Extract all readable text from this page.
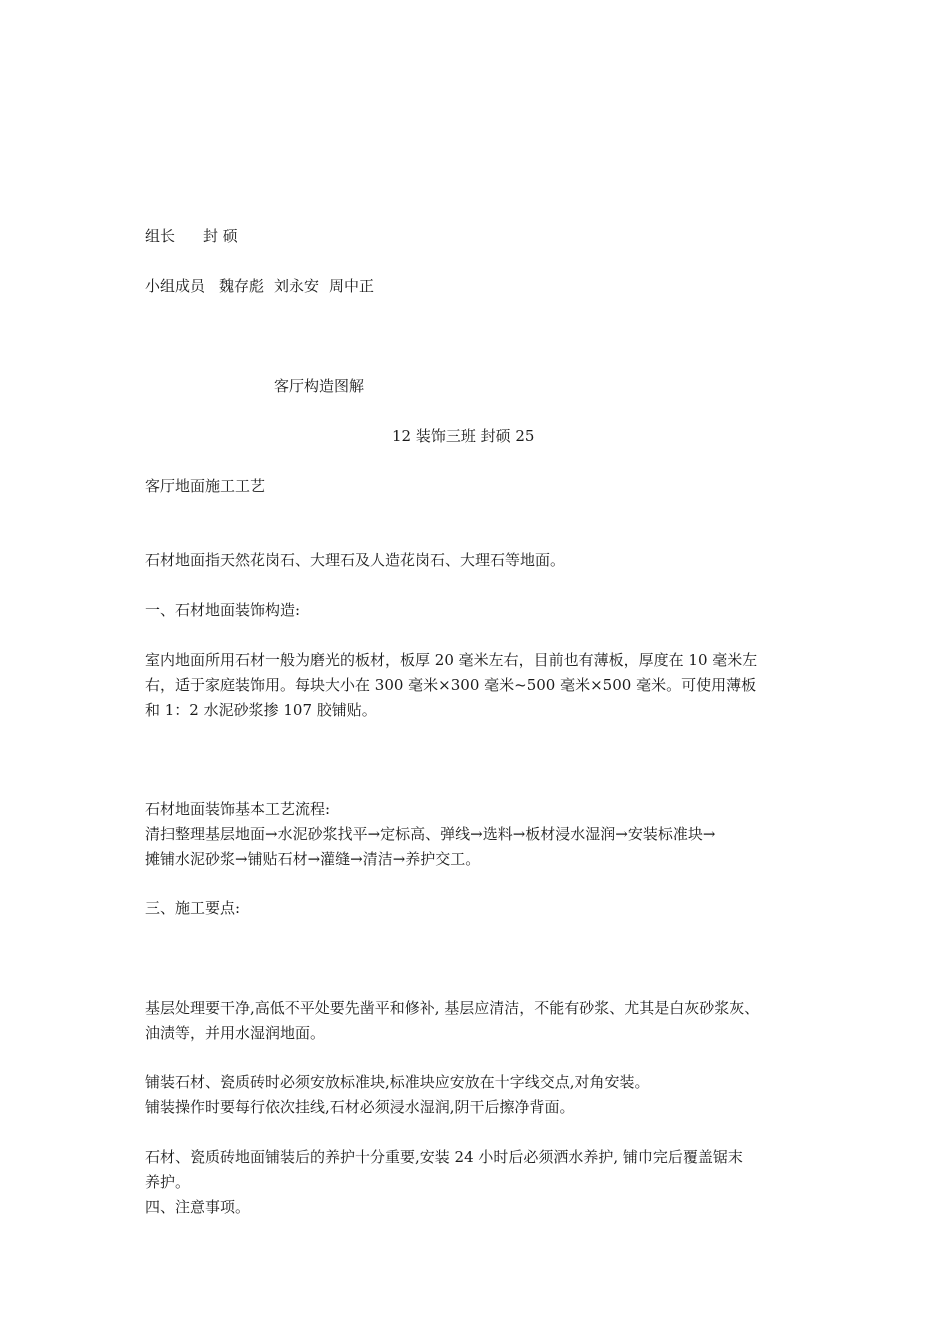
组长 封 硕
小组成员 魏存彪 刘永安 周中正
客厅构造图解
12 装饰三班 封硕 25
客厅地面施工工艺
石材地面指天然花岗石、大理石及人造花岗石、大理石等地面。
一、石材地面装饰构造:
室内地面所用石材一般为磨光的板材，板厚 20 毫米左右，目前也有薄板，厚度在 10 毫米左
右，适于家庭装饰用。每块大小在 300 毫米×300 毫米~500 毫米×500 毫米。可使用薄板
和 1：2 水泥砂浆掺 107 胶铺贴。
石材地面装饰基本工艺流程:
清扫整理基层地面→水泥砂浆找平→定标高、弹线→选料→板材浸水湿润→安装标准块→
摊铺水泥砂浆→铺贴石材→灌缝→清洁→养护交工。
三、施工要点:
基层处理要干净,高低不平处要先凿平和修补, 基层应清洁，不能有砂浆、尤其是白灰砂浆灰、
油渍等，并用水湿润地面。
铺装石材、瓷质砖时必须安放标准块,标准块应安放在十字线交点,对角安装。
铺装操作时要每行依次挂线,石材必须浸水湿润,阴干后擦净背面。
石材、瓷质砖地面铺装后的养护十分重要,安装 24 小时后必须洒水养护, 铺巾完后覆盖锯末
养护。
四、注意事项。
